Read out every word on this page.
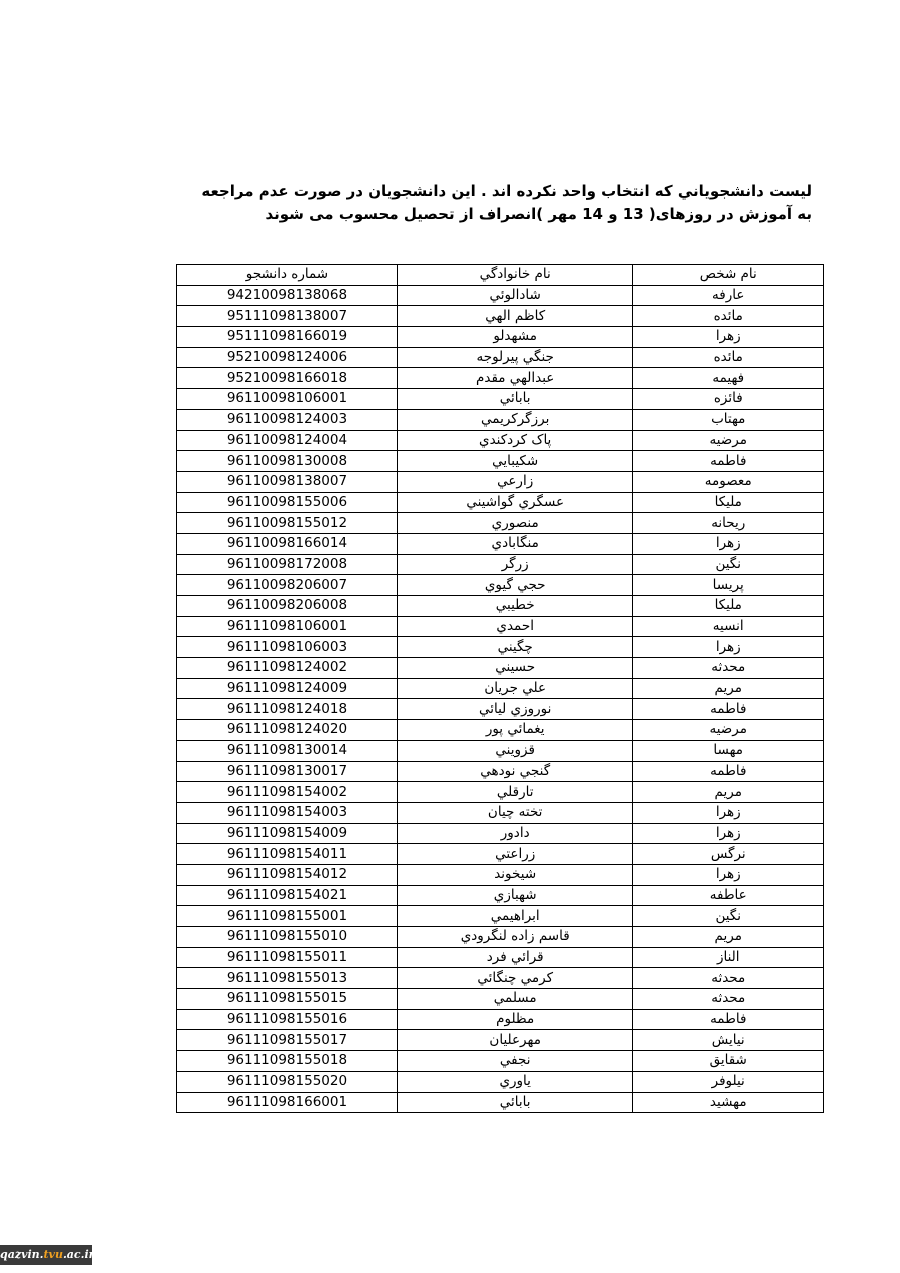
ليست دانشجوياني كه انتخاب واحد نكرده اند . اين دانشجويان در صورت عدم مراجعه
به آموزش در روزهای( 13 و 14 مهر )انصراف از تحصيل محسوب می شوند
نام شخص	نام خانوادگي	شماره دانشجو
عارفه	شادالوئي	94210098138068
مائده	كاظم الهي	95111098138007
زهرا	مشهدلو	95111098166019
مائده	جنگي پيرلوجه	95210098124006
فهيمه	عبدالهي مقدم	95210098166018
فائزه	بابائي	96110098106001
مهتاب	برزگركريمي	96110098124003
مرضيه	پاک كردكندي	96110098124004
فاطمه	شكيبايي	96110098130008
معصومه	زارعي	96110098138007
مليكا	عسگري گواشيني	96110098155006
ريحانه	منصوري	96110098155012
زهرا	منگابادي	96110098166014
نگين	زرگر	96110098172008
پريسا	حجي گيوي	96110098206007
مليكا	خطيبي	96110098206008
انسيه	احمدي	96111098106001
زهرا	چگيني	96111098106003
محدثه	حسيني	96111098124002
مريم	علي جريان	96111098124009
فاطمه	نوروزي ليائي	96111098124018
مرضيه	يغمائي پور	96111098124020
مهسا	قزويني	96111098130014
فاطمه	گنجي نودهي	96111098130017
مريم	تارقلي	96111098154002
زهرا	تخته چيان	96111098154003
زهرا	دادور	96111098154009
نرگس	زراعتي	96111098154011
زهرا	شيخوند	96111098154012
عاطفه	شهبازي	96111098154021
نگين	ابراهيمي	96111098155001
مريم	قاسم زاده لنگرودي	96111098155010
الناز	قرائي فرد	96111098155011
محدثه	كرمي چنگائي	96111098155013
محدثه	مسلمي	96111098155015
فاطمه	مظلوم	96111098155016
نيايش	مهرعليان	96111098155017
شقايق	نجفي	96111098155018
نيلوفر	ياوري	96111098155020
مهشيد	بابائي	96111098166001
qazvin.tvu.ac.ir
